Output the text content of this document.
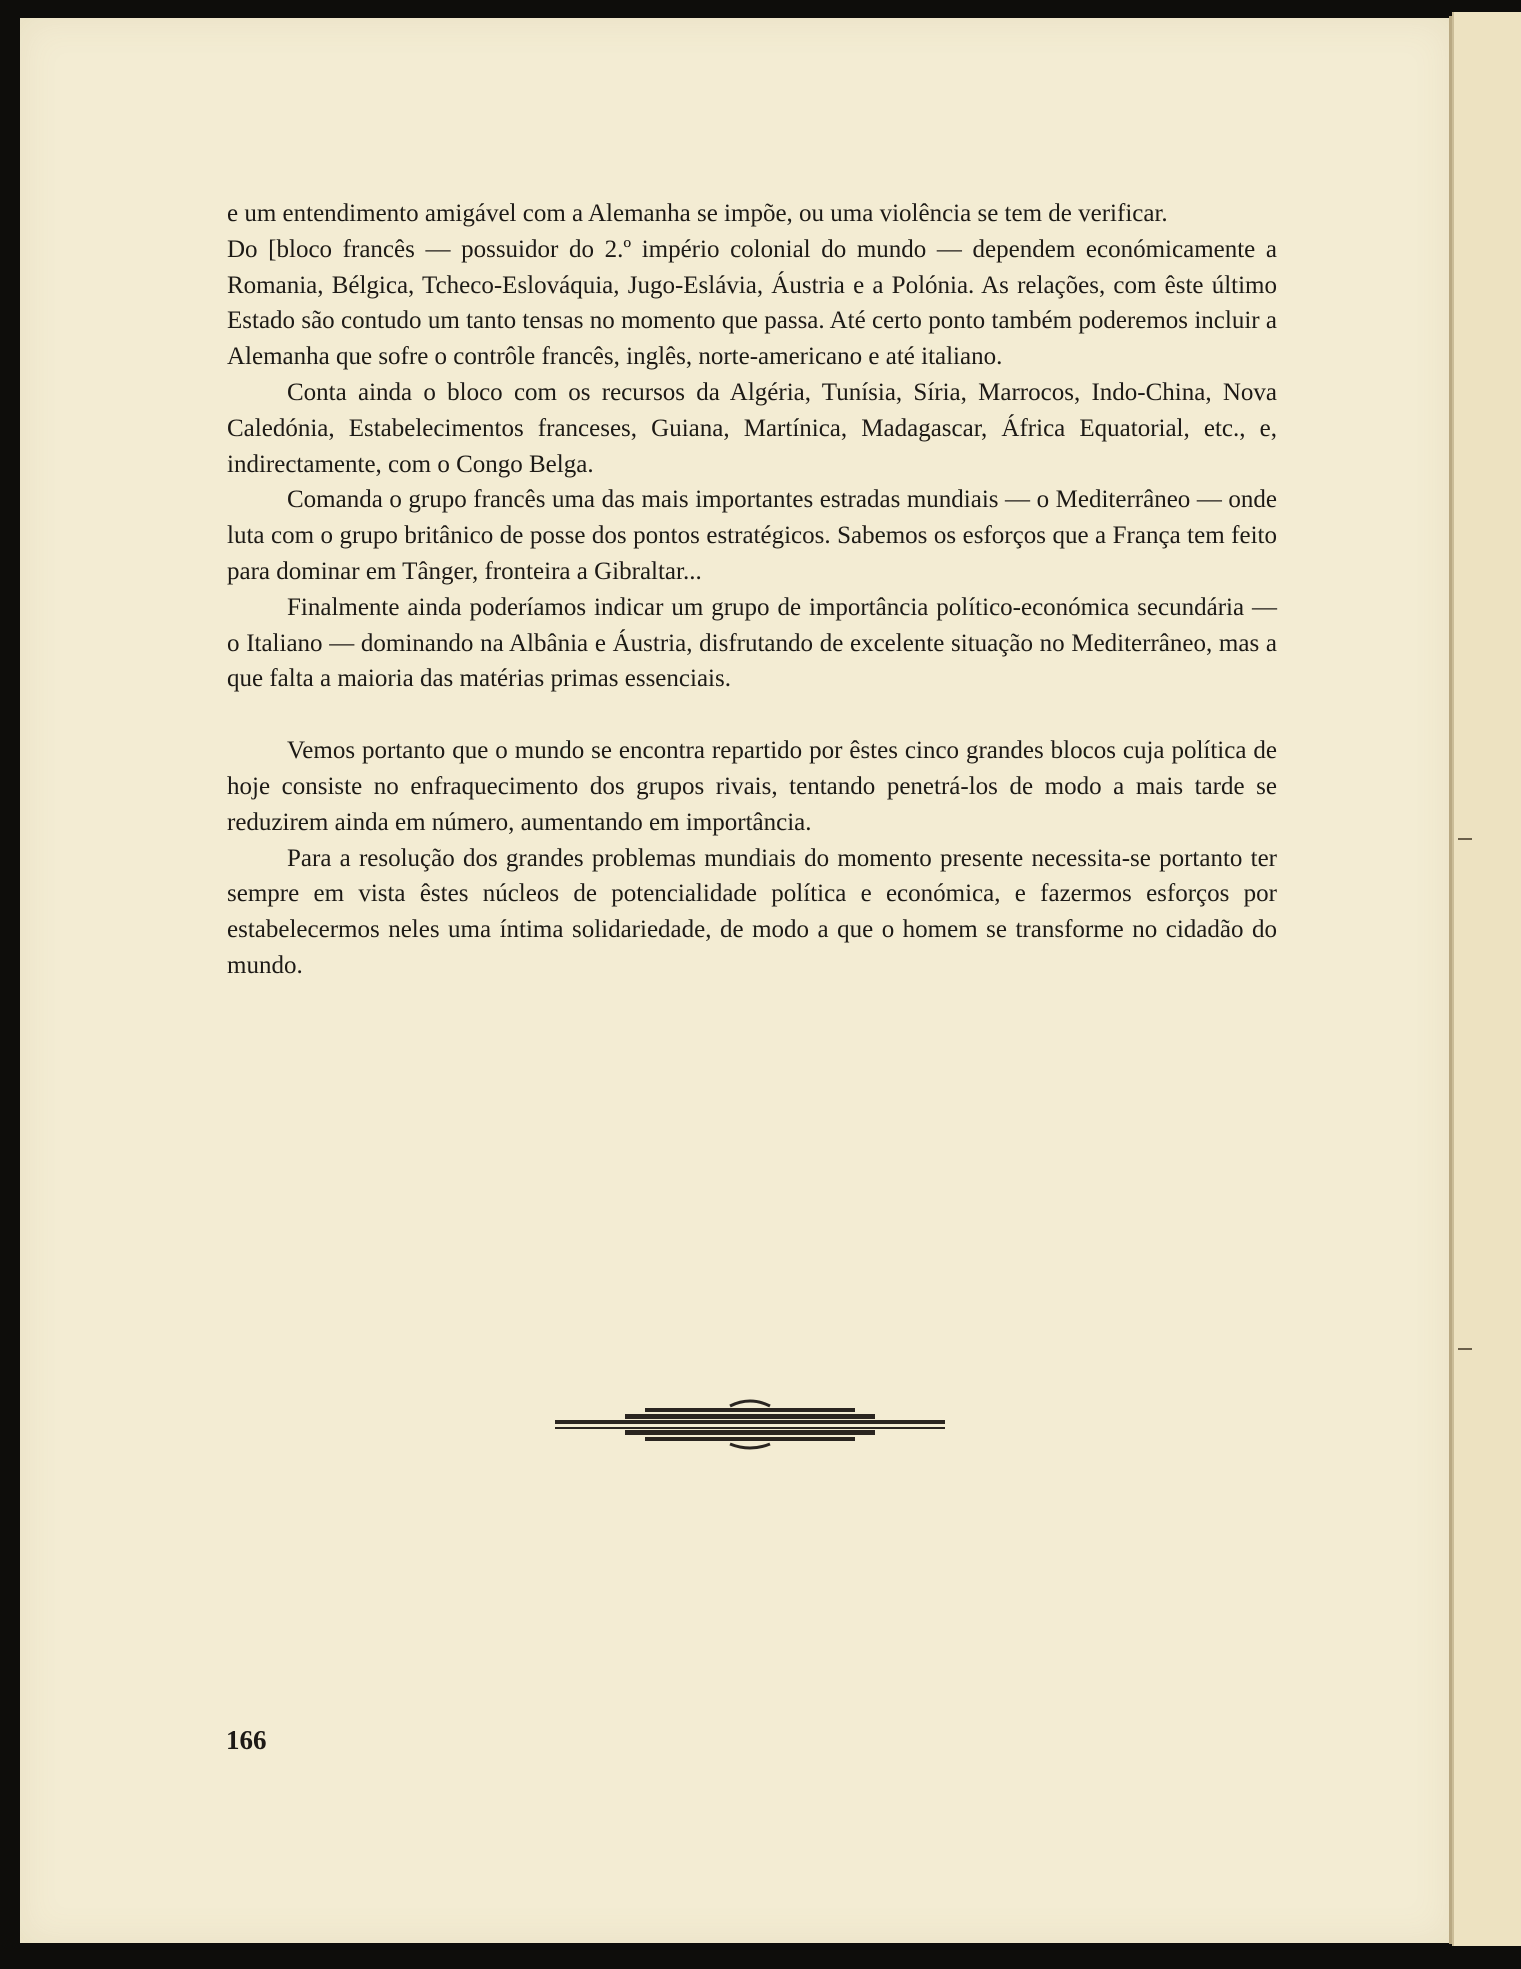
e um entendimento amigável com a Alemanha se impõe, ou uma violência se tem de verificar.

Do [bloco francês — possuidor do 2.º império colonial do mundo — dependem económicamente a Romania, Bélgica, Tcheco-Eslováquia, Jugo-Eslávia, Áustria e a Polónia. As relações, com êste último Estado são contudo um tanto tensas no momento que passa. Até certo ponto também poderemos incluir a Alemanha que sofre o contrôle francês, inglês, norte-americano e até italiano.

Conta ainda o bloco com os recursos da Algéria, Tunísia, Síria, Marrocos, Indo-China, Nova Caledónia, Estabelecimentos franceses, Guiana, Martínica, Madagascar, África Equatorial, etc., e, indirectamente, com o Congo Belga.

Comanda o grupo francês uma das mais importantes estradas mundiais — o Mediterrâneo — onde luta com o grupo britânico de posse dos pontos estratégicos. Sabemos os esforços que a França tem feito para dominar em Tânger, fronteira a Gibraltar...

Finalmente ainda poderíamos indicar um grupo de importância político-económica secundária — o Italiano — dominando na Albânia e Áustria, disfrutando de excelente situação no Mediterrâneo, mas a que falta a maioria das matérias primas essenciais.

Vemos portanto que o mundo se encontra repartido por êstes cinco grandes blocos cuja política de hoje consiste no enfraquecimento dos grupos rivais, tentando penetrá-los de modo a mais tarde se reduzirem ainda em número, aumentando em importância.

Para a resolução dos grandes problemas mundiais do momento presente necessita-se portanto ter sempre em vista êstes núcleos de potencialidade política e económica, e fazermos esforços por estabelecermos neles uma íntima solidariedade, de modo a que o homem se transforme no cidadão do mundo.

166
